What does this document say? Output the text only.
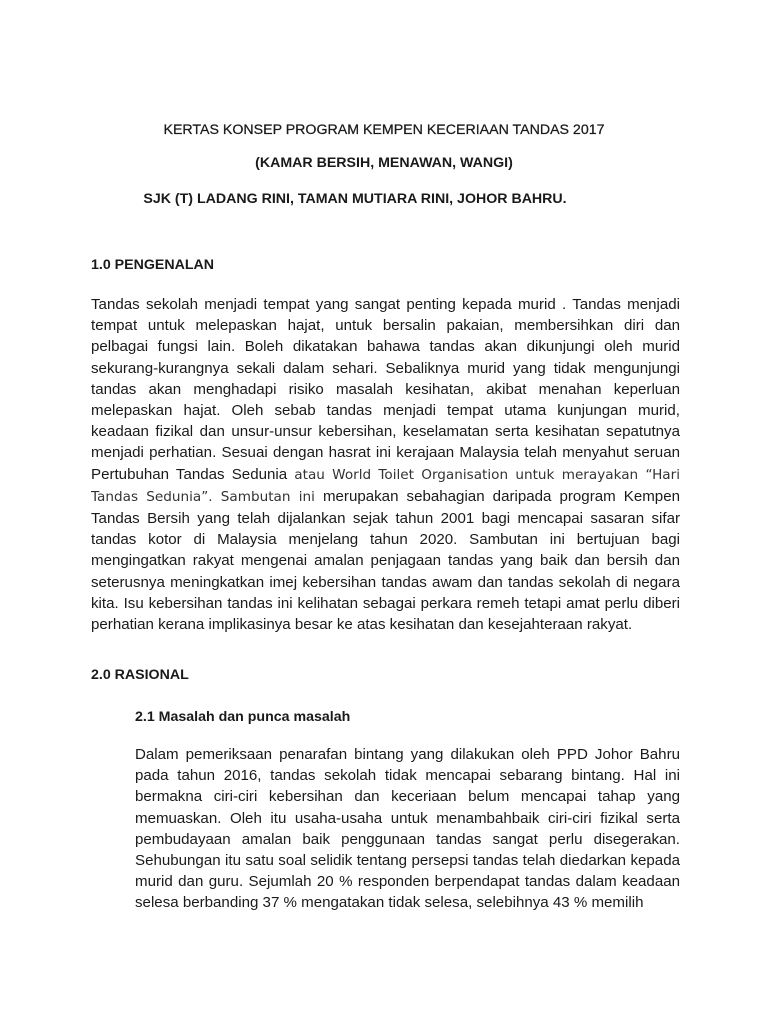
KERTAS KONSEP PROGRAM KEMPEN KECERIAAN TANDAS 2017
(KAMAR BERSIH, MENAWAN, WANGI)
SJK (T) LADANG RINI, TAMAN MUTIARA RINI, JOHOR BAHRU.
1.0 PENGENALAN

Tandas sekolah menjadi tempat yang sangat penting kepada murid . Tandas menjadi tempat untuk melepaskan hajat, untuk bersalin pakaian, membersihkan diri dan pelbagai fungsi lain. Boleh dikatakan bahawa tandas akan dikunjungi oleh murid sekurang-kurangnya sekali dalam sehari. Sebaliknya murid yang tidak mengunjungi tandas akan menghadapi risiko masalah kesihatan, akibat menahan keperluan melepaskan hajat. Oleh sebab tandas menjadi tempat utama kunjungan murid, keadaan fizikal dan unsur-unsur kebersihan, keselamatan serta kesihatan sepatutnya menjadi perhatian. Sesuai dengan hasrat ini kerajaan Malaysia telah menyahut seruan Pertubuhan Tandas Sedunia atau World Toilet Organisation untuk merayakan “Hari Tandas Sedunia”. Sambutan ini merupakan sebahagian daripada program Kempen Tandas Bersih yang telah dijalankan sejak tahun 2001 bagi mencapai sasaran sifar tandas kotor di Malaysia menjelang tahun 2020. Sambutan ini bertujuan bagi mengingatkan rakyat mengenai amalan penjagaan tandas yang baik dan bersih dan seterusnya meningkatkan imej kebersihan tandas awam dan tandas sekolah di negara kita. Isu kebersihan tandas ini kelihatan sebagai perkara remeh tetapi amat perlu diberi perhatian kerana implikasinya besar ke atas kesihatan dan kesejahteraan rakyat.

2.0 RASIONAL
2.1 Masalah dan punca masalah

Dalam pemeriksaan penarafan bintang yang dilakukan oleh PPD Johor Bahru pada tahun 2016, tandas sekolah tidak mencapai sebarang bintang. Hal ini bermakna ciri-ciri kebersihan dan keceriaan belum mencapai tahap yang memuaskan. Oleh itu usaha-usaha untuk menambahbaik ciri-ciri fizikal serta pembudayaan amalan baik penggunaan tandas sangat perlu disegerakan. Sehubungan itu satu soal selidik tentang persepsi tandas telah diedarkan kepada murid dan guru. Sejumlah 20 % responden berpendapat tandas dalam keadaan selesa berbanding 37 % mengatakan tidak selesa, selebihnya 43 % memilih
